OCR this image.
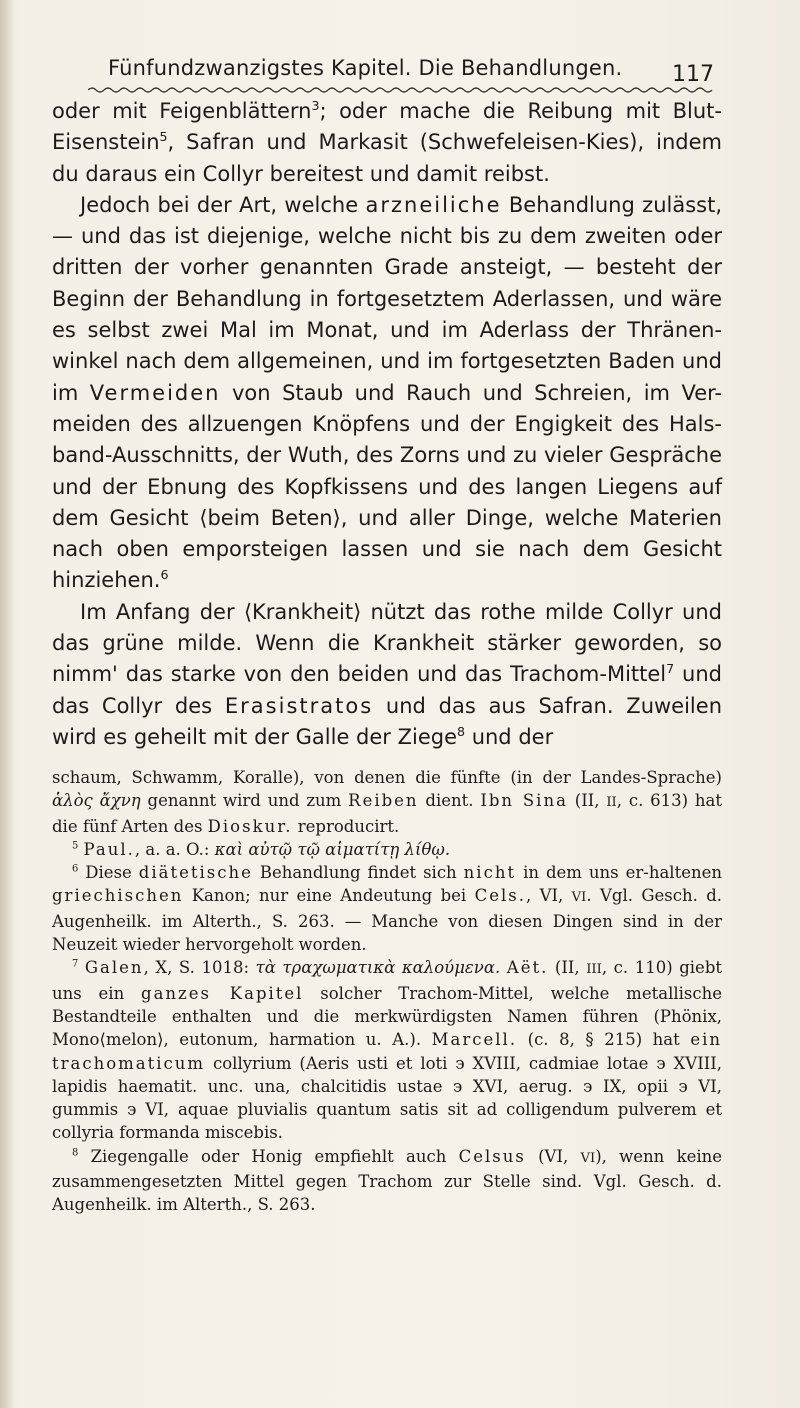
Fünfundzwanzigstes Kapitel. Die Behandlungen. 117

oder mit Feigenblättern$^3$; oder mache die Reibung mit Blut-Eisenstein$^5$, Safran und Markasit (Schwefeleisen-Kies), indem du daraus ein Collyr bereitest und damit reibst.

Jedoch bei der Art, welche arzneiliche Behandlung zulässt, — und das ist diejenige, welche nicht bis zu dem zweiten oder dritten der vorher genannten Grade ansteigt, — besteht der Beginn der Behandlung in fortgesetztem Aderlassen, und wäre es selbst zwei Mal im Monat, und im Aderlass der Thränen-winkel nach dem allgemeinen, und im fortgesetzten Baden und im Vermeiden von Staub und Rauch und Schreien, im Ver-meiden des allzuengen Knöpfens und der Engigkeit des Hals-band-Ausschnitts, der Wuth, des Zorns und zu vieler Gespräche und der Ebnung des Kopfkissens und des langen Liegens auf dem Gesicht ⟨beim Beten⟩, und aller Dinge, welche Materien nach oben emporsteigen lassen und sie nach dem Gesicht hinziehen.$^6$

Im Anfang der ⟨Krankheit⟩ nützt das rothe milde Collyr und das grüne milde. Wenn die Krankheit stärker geworden, so nimm' das starke von den beiden und das Trachom-Mittel$^7$ und das Collyr des Erasistratos und das aus Safran. Zuweilen wird es geheilt mit der Galle der Ziege$^8$ und der

schaum, Schwamm, Koralle), von denen die fünfte (in der Landes-Sprache) ἁλὸς ἄχνη genannt wird und zum Reiben dient. Ibn Sina (II, II, c. 613) hat die fünf Arten des Dioskur. reproducirt.

$^5$ Paul., a. a. O.: καὶ αὐτῷ τῷ αἱματίτῃ λίθῳ.

$^6$ Diese diätetische Behandlung findet sich nicht in dem uns er-haltenen griechischen Kanon; nur eine Andeutung bei Cels., VI, VI. Vgl. Gesch. d. Augenheilk. im Alterth., S. 263. — Manche von diesen Dingen sind in der Neuzeit wieder hervorgeholt worden.

$^7$ Galen, X, S. 1018: τὰ τραχωματικὰ καλούμενα. Aët. (II, III, c. 110) giebt uns ein ganzes Kapitel solcher Trachom-Mittel, welche metallische Bestandteile enthalten und die merkwürdigsten Namen führen (Phönix, Mono⟨melon⟩, eutonum, harmation u. A.). Marcell. (c. 8, § 215) hat ein trachomaticum collyrium (Aeris usti et loti ϶ XVIII, cadmiae lotae ϶ XVIII, lapidis haematit. unc. una, chalcitidis ustae ϶ XVI, aerug. ϶ IX, opii ϶ VI, gummis ϶ VI, aquae pluvialis quantum satis sit ad colligendum pulverem et collyria formanda miscebis.

$^8$ Ziegengalle oder Honig empfiehlt auch Celsus (VI, VI), wenn keine zusammengesetzten Mittel gegen Trachom zur Stelle sind. Vgl. Gesch. d. Augenheilk. im Alterth., S. 263.
